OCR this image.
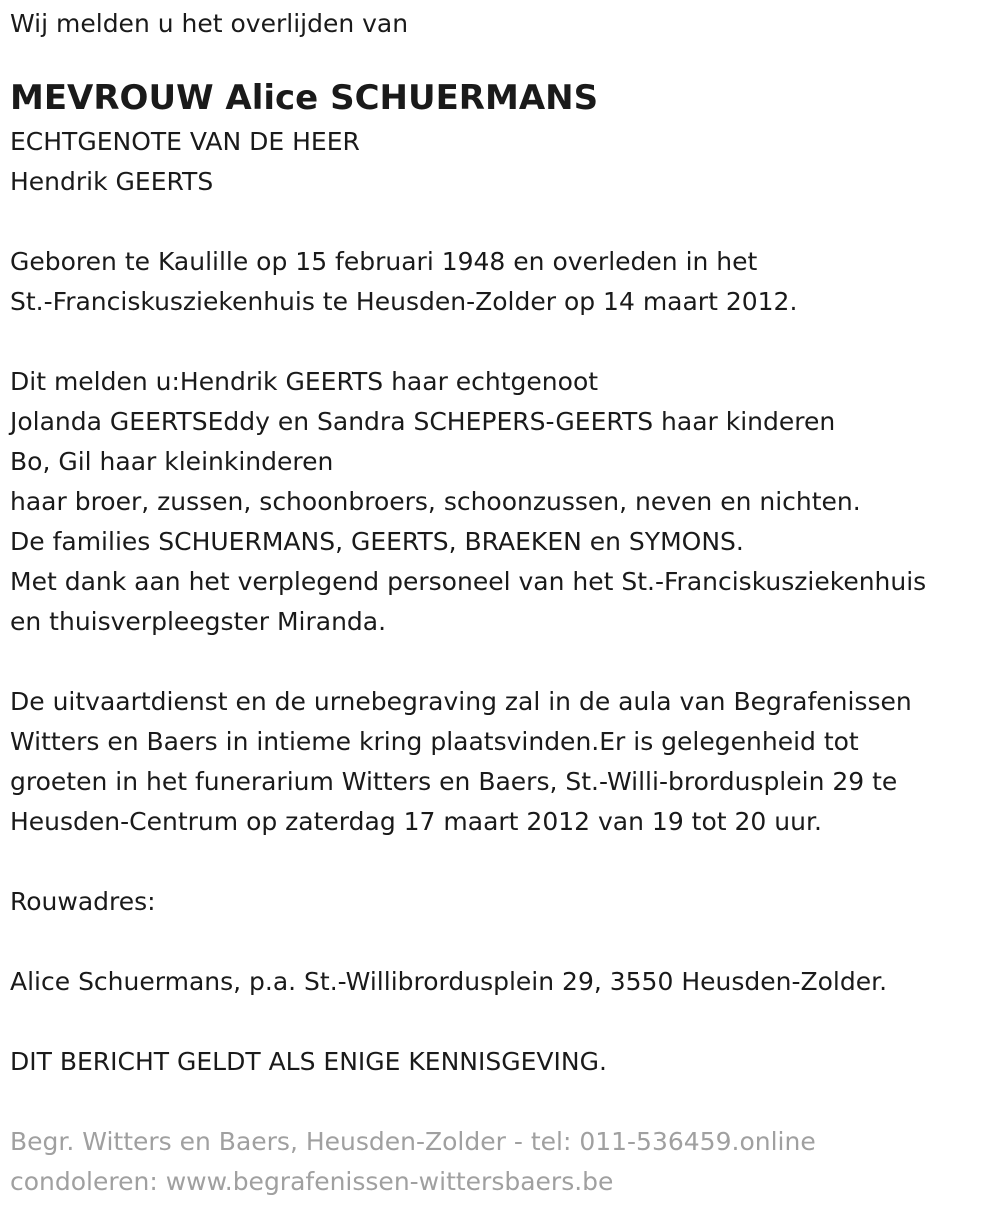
Wij melden u het overlijden van

MEVROUW Alice SCHUERMANS

ECHTGENOTE VAN DE HEER

Hendrik GEERTS

Geboren te Kaulille op 15 februari 1948 en overleden in het

St.-Franciskusziekenhuis te Heusden-Zolder op 14 maart 2012.

Dit melden u:Hendrik GEERTS haar echtgenoot

Jolanda GEERTSEddy en Sandra SCHEPERS-GEERTS haar kinderen

Bo, Gil haar kleinkinderen

haar broer, zussen, schoonbroers, schoonzussen, neven en nichten.

De families SCHUERMANS, GEERTS, BRAEKEN en SYMONS.

Met dank aan het verplegend personeel van het St.-Franciskusziekenhuis

en thuisverpleegster Miranda.

De uitvaartdienst en de urnebegraving zal in de aula van Begrafenissen

Witters en Baers in intieme kring plaatsvinden.Er is gelegenheid tot

groeten in het funerarium Witters en Baers, St.-Willi-brordusplein 29 te

Heusden-Centrum op zaterdag 17 maart 2012 van 19 tot 20 uur.

Rouwadres:

Alice Schuermans, p.a. St.-Willibrordusplein 29, 3550 Heusden-Zolder.

DIT BERICHT GELDT ALS ENIGE KENNISGEVING.

Begr. Witters en Baers, Heusden-Zolder - tel: 011-536459.online

condoleren: www.begrafenissen-wittersbaers.be
